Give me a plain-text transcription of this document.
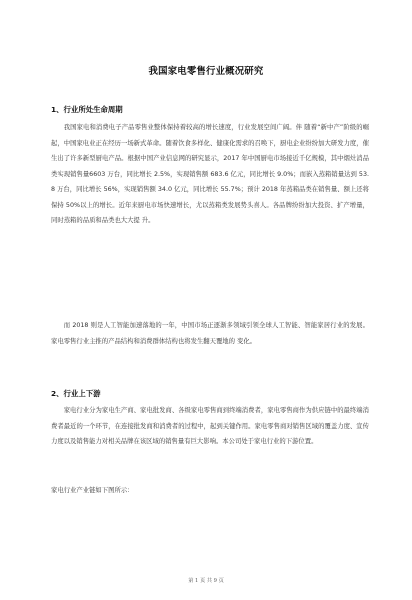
我国家电零售行业概况研究
1、行业所处生命周期
我国家电和消费电子产品零售业整体保持着较高的增长速度，行业发展空间广阔。伴 随着“新中产”阶级的崛起，中国家电业正在经历一场新式革命。随着饮食多样化、健康化需求的召唤下，厨电企业纷纷加大研发力度，催生出了许多新型厨电产品。根据中国产业信息网的研究显示，2017 年中国厨电市场接近千亿规模，其中烟灶消品类实现销售量6603 万台，同比增长 2.5%，实现销售额 683.6 亿元，同比增长 9.0%；而嵌入蒸箱销量达到 53.8 万台，同比增长 56%，实现销售额 34.0 亿元，同比增长 55.7%；预计 2018 年蒸箱品类在销售量、额上还将保持 50%以上的增长。近年来厨电市场快速增长，尤以蒸箱类发展势头喜人。各品牌纷纷加大投资、扩产增量，同时蒸箱的品质和品类也大大提 升。
而 2018 则是人工智能加速落地的一年，中国市场正逐渐多领域引领全球人工智能、智能家居行业的发展。家电零售行业主推的产品结构和消费群体结构也将发生翻天覆地的 变化。
2、行业上下游
家电行业分为家电生产商、家电批发商、各级家电零售商到终端消费者，家电零售商作为供应链中的最终端消费者最近的一个环节，在连接批发商和消费者的过程中，起到关键作用。家电零售商对销售区域的覆盖力度、宣传力度以及销售能力对相关品牌在该区域的销售量有巨大影响。本公司处于家电行业的下游位置。
家电行业产业链如下图所示：
第 1 页 共 9 页
